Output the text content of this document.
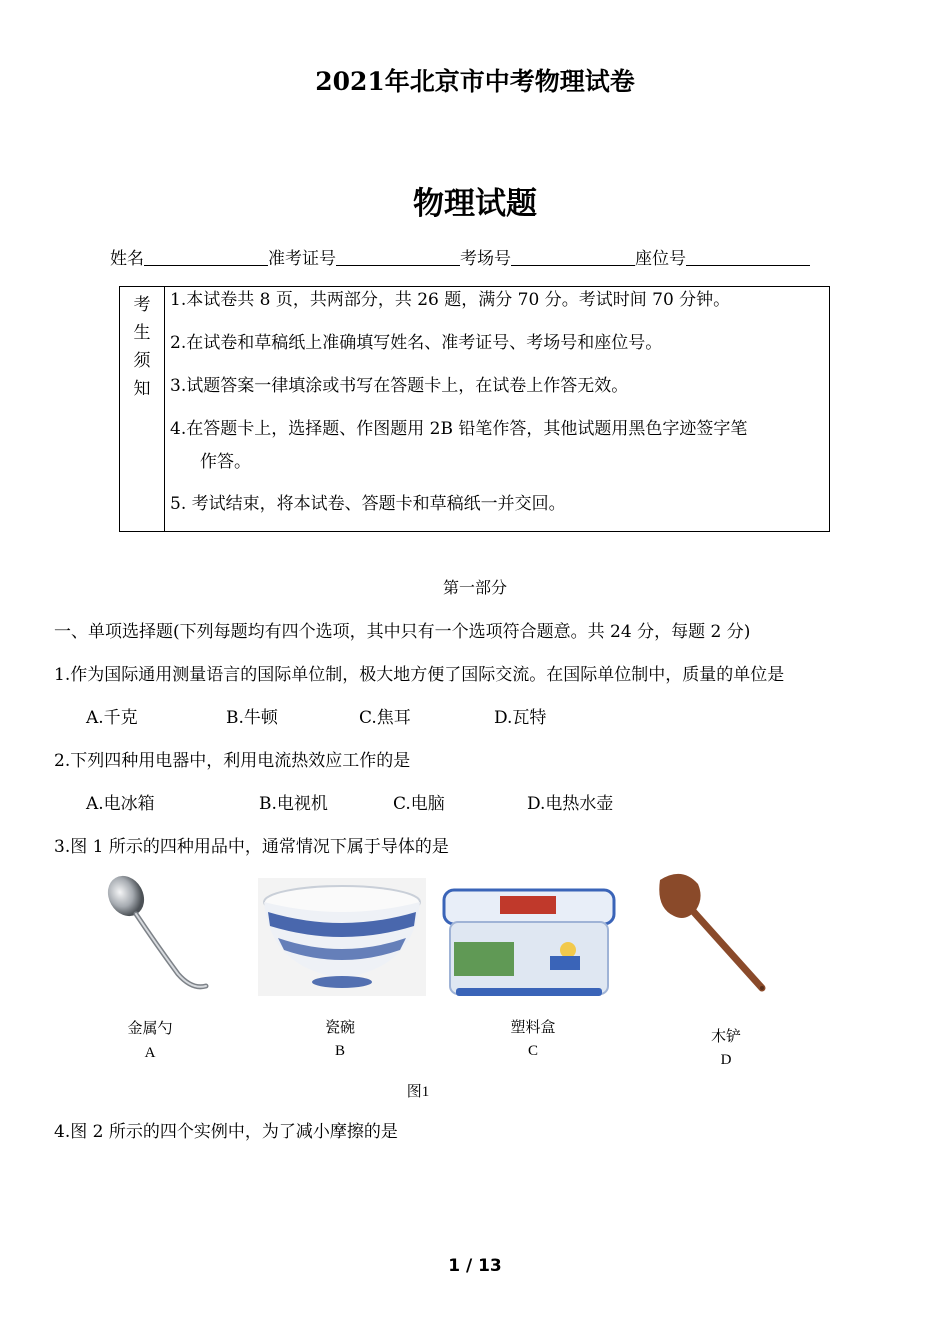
2021年北京市中考物理试卷
物理试题
姓名	准考证号	考场号	座位号
考
生
须
知
1.本试卷共 8 页，共两部分，共 26 题，满分 70 分。考试时间 70 分钟。
2.在试卷和草稿纸上准确填写姓名、准考证号、考场号和座位号。
3.试题答案一律填涂或书写在答题卡上，在试卷上作答无效。
4.在答题卡上，选择题、作图题用 2B 铅笔作答，其他试题用黑色字迹签字笔
作答。
5. 考试结束，将本试卷、答题卡和草稿纸一并交回。
第一部分
一、单项选择题(下列每题均有四个选项，其中只有一个选项符合题意。共 24 分，每题 2 分)
1.作为国际通用测量语言的国际单位制，极大地方便了国际交流。在国际单位制中，质量的单位是
A.千克	B.牛顿	C.焦耳	D.瓦特
2.下列四种用电器中，利用电流热效应工作的是
A.电冰箱	B.电视机	C.电脑	D.电热水壶
3.图 1 所示的四种用品中，通常情况下属于导体的是
金属勺
A
瓷碗
B
塑料盒
C
木铲
D
图1
4.图 2 所示的四个实例中，为了减小摩擦的是
1 / 13
